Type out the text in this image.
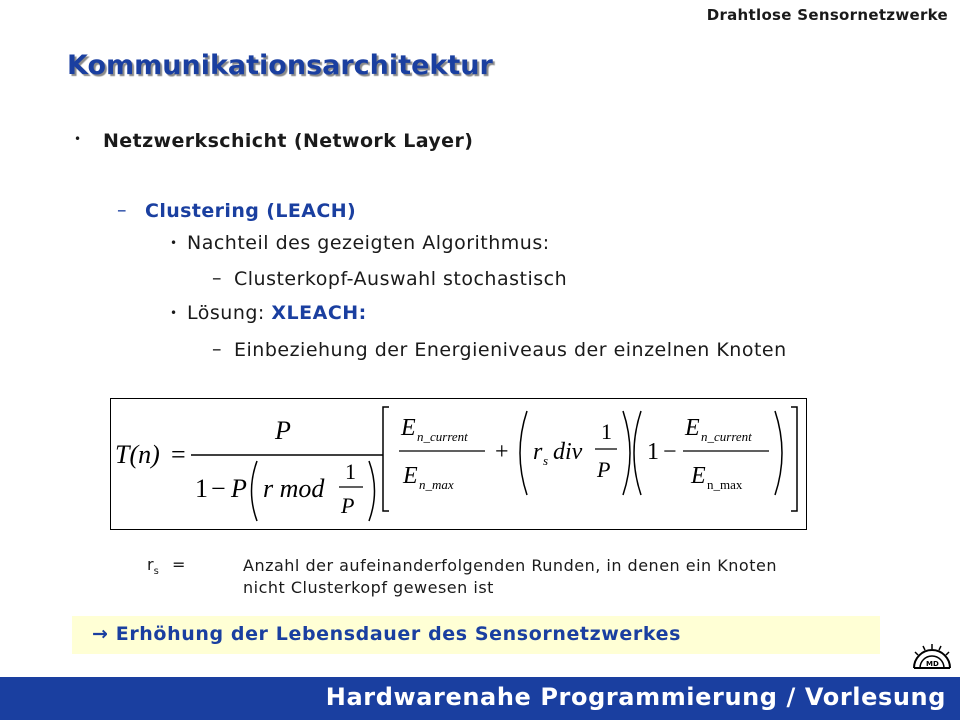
Drahtlose Sensornetzwerke
Kommunikationsarchitektur
• Netzwerkschicht (Network Layer)
– Clustering (LEACH)
• Nachteil des gezeigten Algorithmus:
– Clusterkopf-Auswahl stochastisch
• Lösung: XLEACH:
– Einbeziehung der Energieniveaus der einzelnen Knoten
T(n) =
P
1 − P r mod
1
P
E n_current
E n_max
+ r s div
1
P
1 −
E n_current
E n_max
$r_s$ =	Anzahl der aufeinanderfolgenden Runden, in denen ein Knoten nicht Clusterkopf gewesen ist
→ Erhöhung der Lebensdauer des Sensornetzwerkes
MD
Hardwarenahe Programmierung / Vorlesung
